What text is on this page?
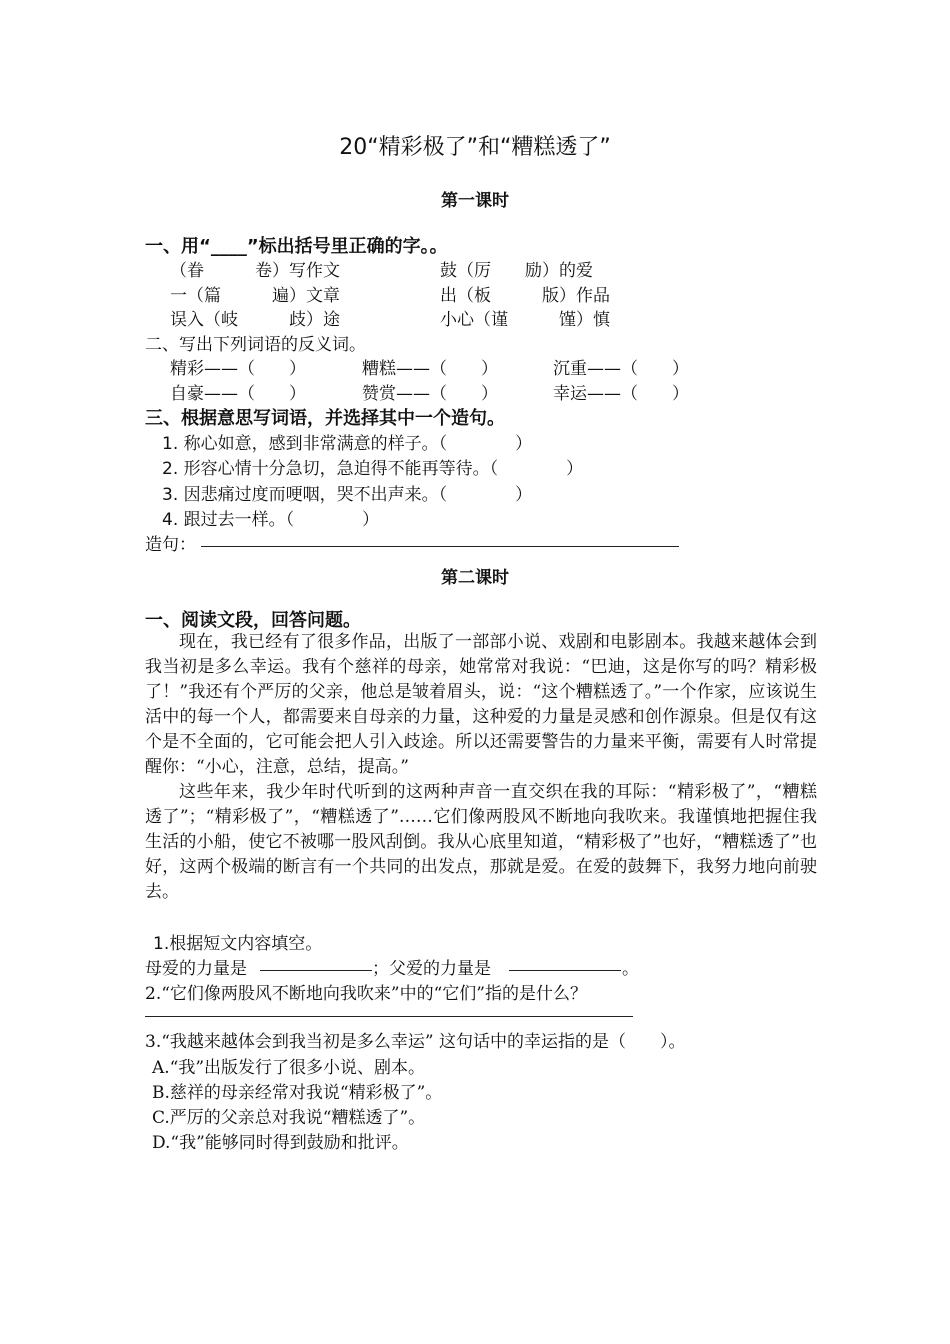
20“精彩极了”和“糟糕透了”
第一课时
一、用“____”标出括号里正确的字。。
（眷　　　卷）写作文	鼓（厉　　励）的爱
一（篇　　　遍）文章	出（板　　　版）作品
误入（岐　　　歧）途	小心（谨　　　馑）慎
二、写出下列词语的反义词。
精彩——（　　）	糟糕——（　　）	沉重——（　　）
自豪——（　　）	赞赏——（　　）	幸运——（　　）
三、根据意思写词语，并选择其中一个造句。
1. 称心如意，感到非常满意的样子。（　　　　）
2. 形容心情十分急切，急迫得不能再等待。（　　　　）
3. 因悲痛过度而哽咽，哭不出声来。（　　　　）
4. 跟过去一样。（　　　　）
造句：
第二课时
一、阅读文段，回答问题。

现在，我已经有了很多作品，出版了一部部小说、戏剧和电影剧本。我越来越体会到我当初是多么幸运。我有个慈祥的母亲，她常常对我说：“巴迪，这是你写的吗？精彩极了！”我还有个严厉的父亲，他总是皱着眉头，说：“这个糟糕透了。”一个作家，应该说生活中的每一个人，都需要来自母亲的力量，这种爱的力量是灵感和创作源泉。但是仅有这个是不全面的，它可能会把人引入歧途。所以还需要警告的力量来平衡，需要有人时常提醒你：“小心，注意，总结，提高。”

这些年来，我少年时代听到的这两种声音一直交织在我的耳际：“精彩极了”，“糟糕透了”；“精彩极了”，“糟糕透了”……它们像两股风不断地向我吹来。我谨慎地把握住我生活的小船，使它不被哪一股风刮倒。我从心底里知道，“精彩极了”也好，“糟糕透了”也好，这两个极端的断言有一个共同的出发点，那就是爱。在爱的鼓舞下，我努力地向前驶去。

1.根据短文内容填空。
母爱的力量是	；父爱的力量是	。
2.“它们像两股风不断地向我吹来”中的“它们”指的是什么？
3.“我越来越体会到我当初是多么幸运” 这句话中的幸运指的是（　　）。
A.“我”出版发行了很多小说、剧本。
B.慈祥的母亲经常对我说“精彩极了”。
C.严厉的父亲总对我说“糟糕透了”。
D.“我”能够同时得到鼓励和批评。
